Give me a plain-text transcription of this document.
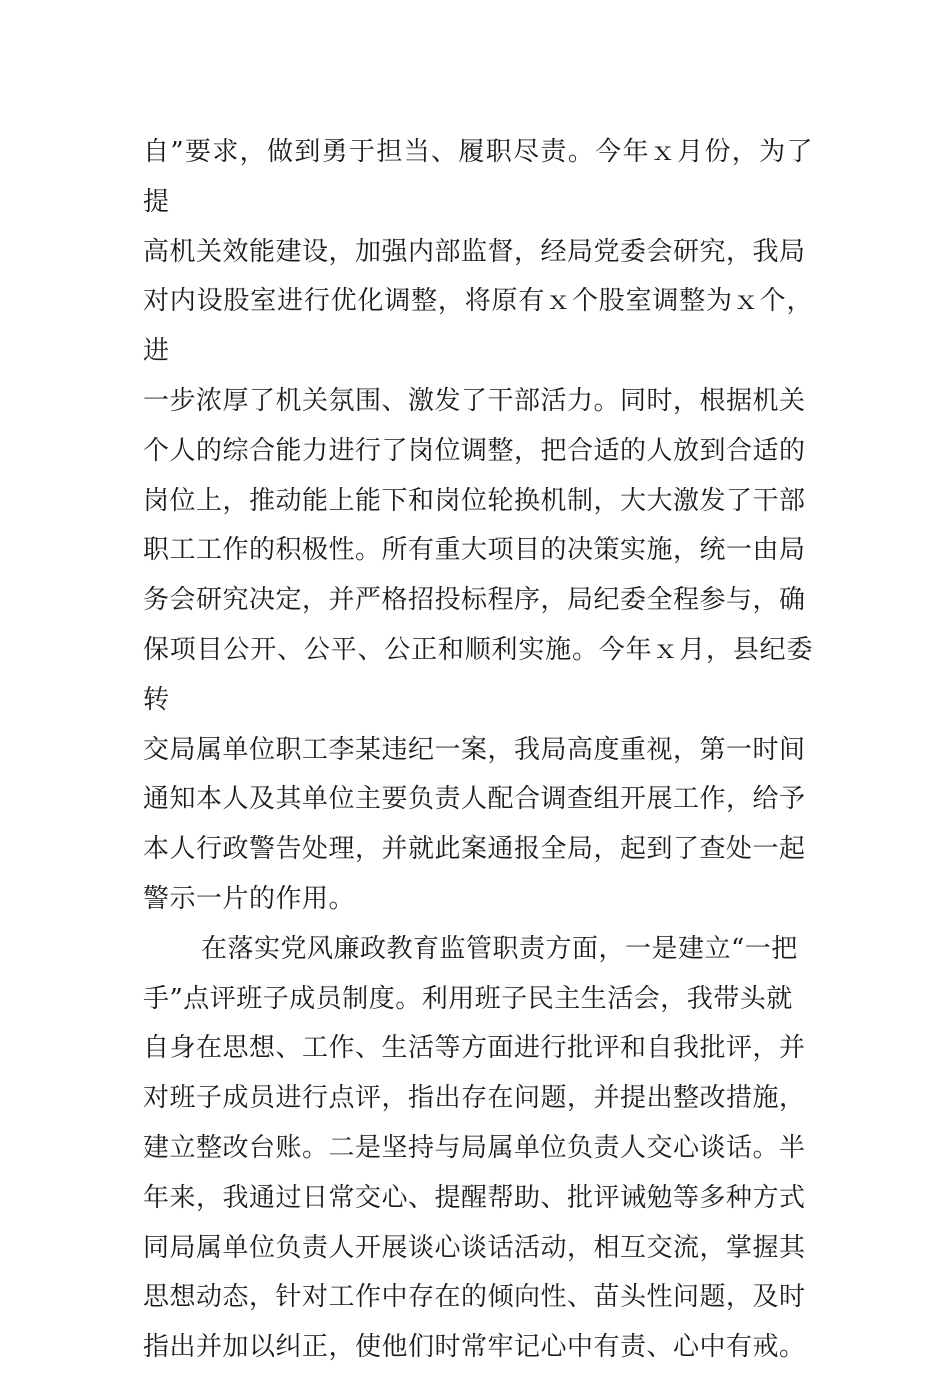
自”要求，做到勇于担当、履职尽责。今年ｘ月份，为了提
高机关效能建设，加强内部监督，经局党委会研究，我局
对内设股室进行优化调整，将原有ｘ个股室调整为ｘ个，进
一步浓厚了机关氛围、激发了干部活力。同时，根据机关
个人的综合能力进行了岗位调整，把合适的人放到合适的
岗位上，推动能上能下和岗位轮换机制，大大激发了干部
职工工作的积极性。所有重大项目的决策实施，统一由局
务会研究决定，并严格招投标程序，局纪委全程参与，确
保项目公开、公平、公正和顺利实施。今年ｘ月，县纪委转
交局属单位职工李某违纪一案，我局高度重视，第一时间
通知本人及其单位主要负责人配合调查组开展工作，给予
本人行政警告处理，并就此案通报全局，起到了查处一起
警示一片的作用。

在落实党风廉政教育监管职责方面，一是建立“一把
手”点评班子成员制度。利用班子民主生活会，我带头就
自身在思想、工作、生活等方面进行批评和自我批评，并
对班子成员进行点评，指出存在问题，并提出整改措施，
建立整改台账。二是坚持与局属单位负责人交心谈话。半
年来，我通过日常交心、提醒帮助、批评诫勉等多种方式
同局属单位负责人开展谈心谈话活动，相互交流，掌握其
思想动态，针对工作中存在的倾向性、苗头性问题，及时
指出并加以纠正，使他们时常牢记心中有责、心中有戒。
